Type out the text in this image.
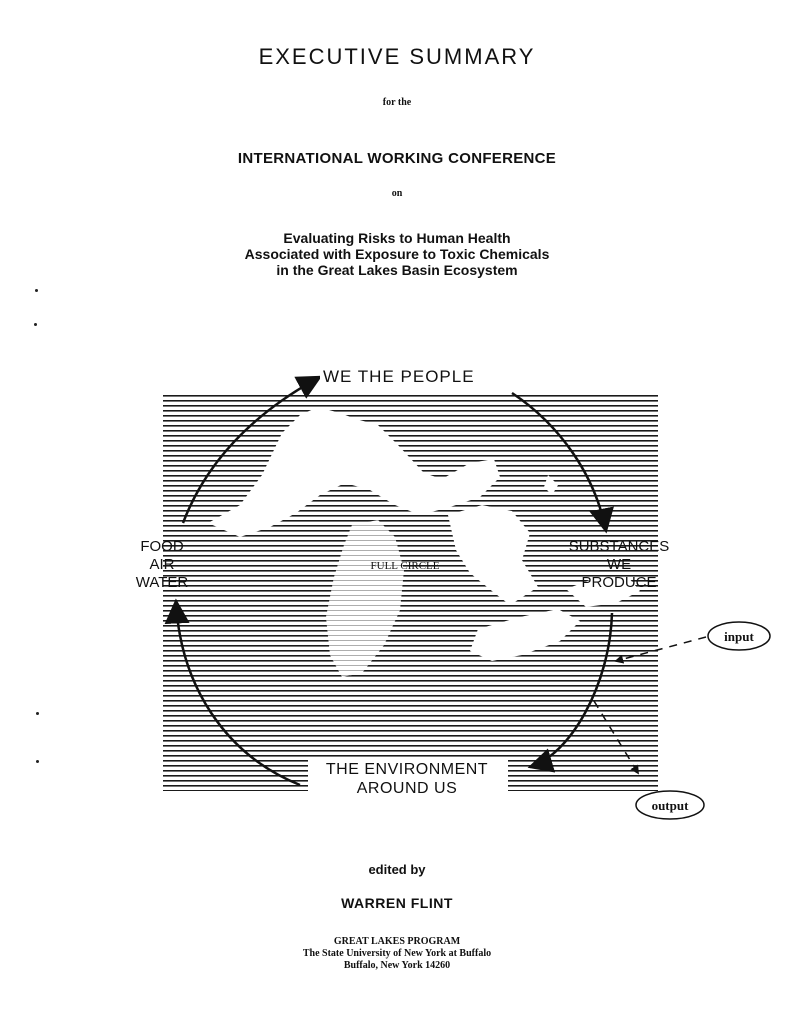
EXECUTIVE SUMMARY
for the
INTERNATIONAL WORKING CONFERENCE
on
Evaluating Risks to Human Health
Associated with Exposure to Toxic Chemicals
in the Great Lakes Basin Ecosystem
input
output
WE THE PEOPLE
FOOD
AIR
WATER
SUBSTANCES
WE
PRODUCE
FULL CIRCLE
THE ENVIRONMENT
AROUND US
edited by
WARREN FLINT
GREAT LAKES PROGRAM
The State University of New York at Buffalo
Buffalo, New York 14260
